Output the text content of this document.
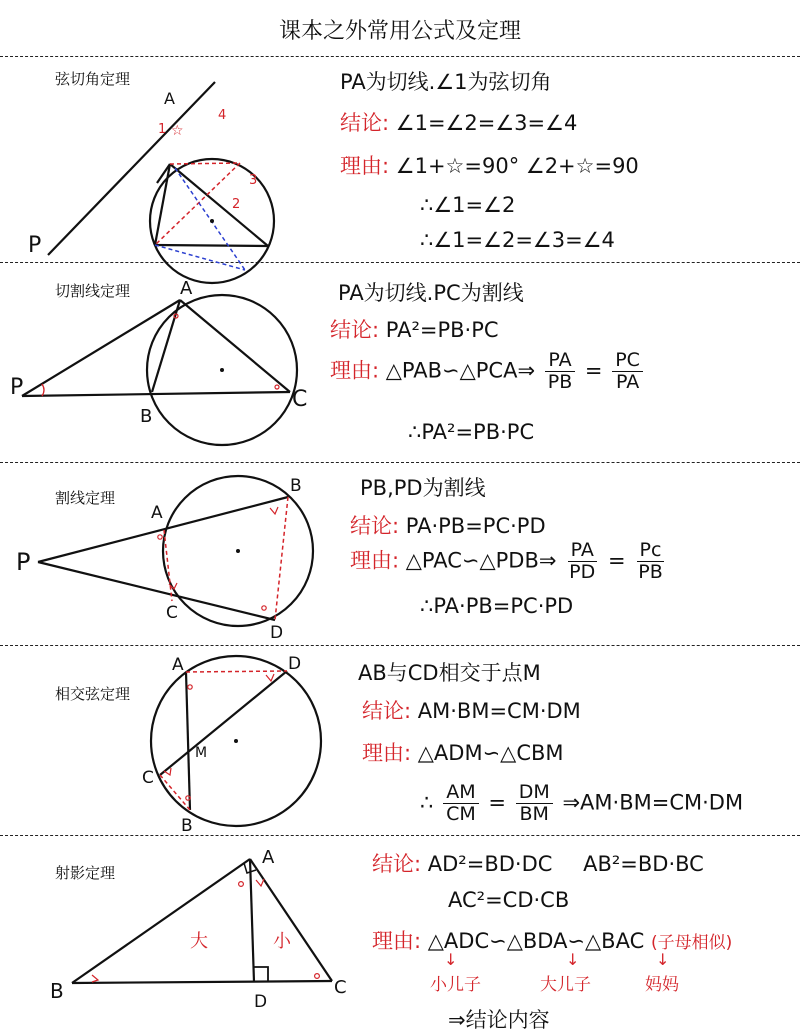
课本之外常用公式及定理
弦切角定理
P
A
1 ☆
4
3
2
PA为切线.∠1为弦切角
结论: ∠1=∠2=∠3=∠4
理由: ∠1+☆=90° ∠2+☆=90
∴∠1=∠2
∴∠1=∠2=∠3=∠4
切割线定理
P
A
B
C
PA为切线.PC为割线
结论: PA²=PB·PC
理由: △PAB∽△PCA⇒ $\frac{PA}{PB} = \frac{PC}{PA}$
∴PA²=PB·PC
割线定理
P
A
B
C
D
PB,PD为割线
结论: PA·PB=PC·PD
理由: △PAC∽△PDB⇒ $\frac{PA}{PD} = \frac{Pc}{PB}$
∴PA·PB=PC·PD
相交弦定理
A	D
C
B
M
AB与CD相交于点M
结论: AM·BM=CM·DM
理由: △ADM∽△CBM
∴ $\frac{AM}{CM} = \frac{DM}{BM}$ ⇒AM·BM=CM·DM
射影定理
A
B	C
D
大	小
结论: AD²=BD·DC AB²=BD·BC
AC²=CD·CB
理由: △ADC∽△BDA∽△BAC (子母相似)
↓	↓	↓
小儿子	大儿子	妈妈
⇒结论内容
